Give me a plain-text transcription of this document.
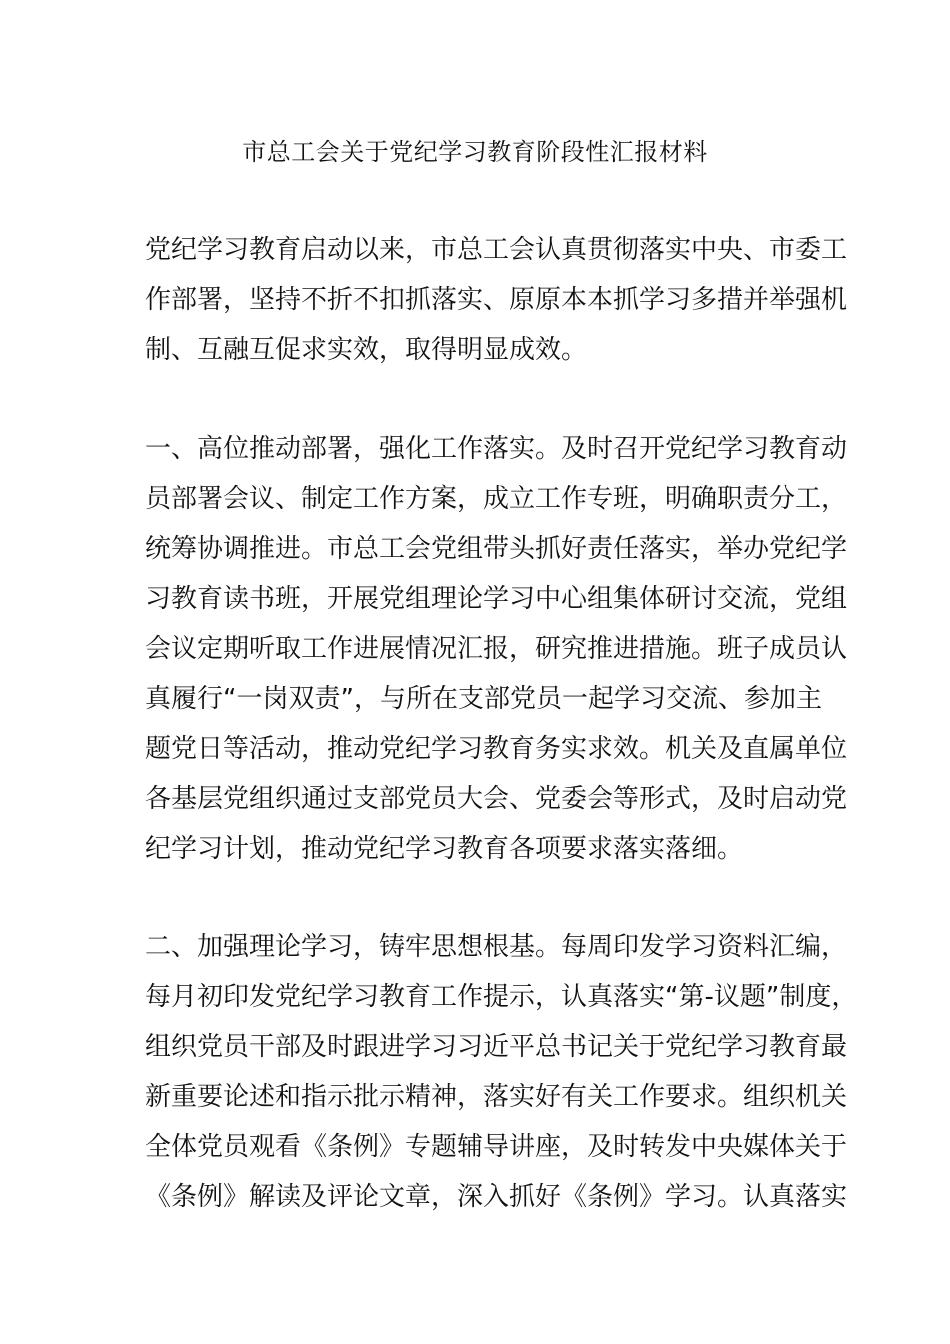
市总工会关于党纪学习教育阶段性汇报材料
党纪学习教育启动以来，市总工会认真贯彻落实中央、市委工
作部署，坚持不折不扣抓落实、原原本本抓学习多措并举强机
制、互融互促求实效，取得明显成效。
一、高位推动部署，强化工作落实。及时召开党纪学习教育动
员部署会议、制定工作方案，成立工作专班，明确职责分工，
统筹协调推进。市总工会党组带头抓好责任落实，举办党纪学
习教育读书班，开展党组理论学习中心组集体研讨交流，党组
会议定期听取工作进展情况汇报，研究推进措施。班子成员认
真履行“一岗双责”，与所在支部党员一起学习交流、参加主
题党日等活动，推动党纪学习教育务实求效。机关及直属单位
各基层党组织通过支部党员大会、党委会等形式，及时启动党
纪学习计划，推动党纪学习教育各项要求落实落细。
二、加强理论学习，铸牢思想根基。每周印发学习资料汇编，
每月初印发党纪学习教育工作提示，认真落实“第-议题”制度，
组织党员干部及时跟进学习习近平总书记关于党纪学习教育最
新重要论述和指示批示精神，落实好有关工作要求。组织机关
全体党员观看《条例》专题辅导讲座，及时转发中央媒体关于
《条例》解读及评论文章，深入抓好《条例》学习。认真落实
